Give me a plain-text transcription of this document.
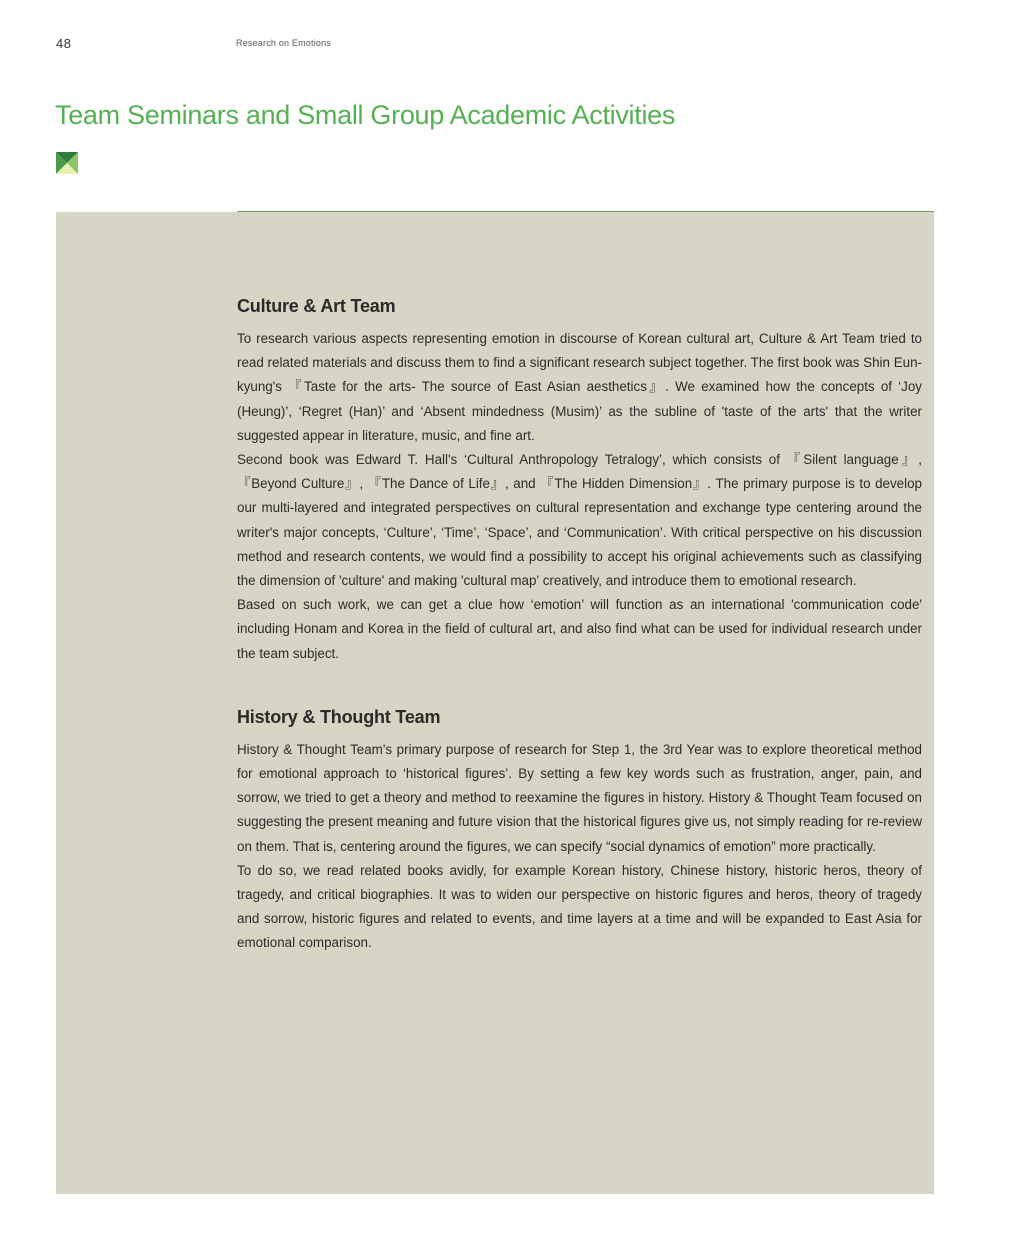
48	Research on Emotions
Team Seminars and Small Group Academic Activities
Culture & Art Team

To research various aspects representing emotion in discourse of Korean cultural art, Culture & Art Team tried to read related materials and discuss them to find a significant research subject together. The first book was Shin Eun-kyung's 『Taste for the arts- The source of East Asian aesthetics』. We examined how the concepts of ‘Joy (Heung)’, ‘Regret (Han)’ and ‘Absent mindedness (Musim)’ as the subline of 'taste of the arts' that the writer suggested appear in literature, music, and fine art.

Second book was Edward T. Hall's ‘Cultural Anthropology Tetralogy’, which consists of 『Silent language』, 『Beyond Culture』, 『The Dance of Life』, and 『The Hidden Dimension』. The primary purpose is to develop our multi-layered and integrated perspectives on cultural representation and exchange type centering around the writer's major concepts, ‘Culture’, ‘Time’, ‘Space’, and ‘Communication’. With critical perspective on his discussion method and research contents, we would find a possibility to accept his original achievements such as classifying the dimension of 'culture' and making 'cultural map' creatively, and introduce them to emotional research.

Based on such work, we can get a clue how ‘emotion’ will function as an international 'communication code' including Honam and Korea in the field of cultural art, and also find what can be used for individual research under the team subject.

History & Thought Team

History & Thought Team's primary purpose of research for Step 1, the 3rd Year was to explore theoretical method for emotional approach to ‘historical figures’. By setting a few key words such as frustration, anger, pain, and sorrow, we tried to get a theory and method to reexamine the figures in history. History & Thought Team focused on suggesting the present meaning and future vision that the historical figures give us, not simply reading for re-review on them. That is, centering around the figures, we can specify “social dynamics of emotion” more practically.

To do so, we read related books avidly, for example Korean history, Chinese history, historic heros, theory of tragedy, and critical biographies. It was to widen our perspective on historic figures and heros, theory of tragedy and sorrow, historic figures and related to events, and time layers at a time and will be expanded to East Asia for emotional comparison.
